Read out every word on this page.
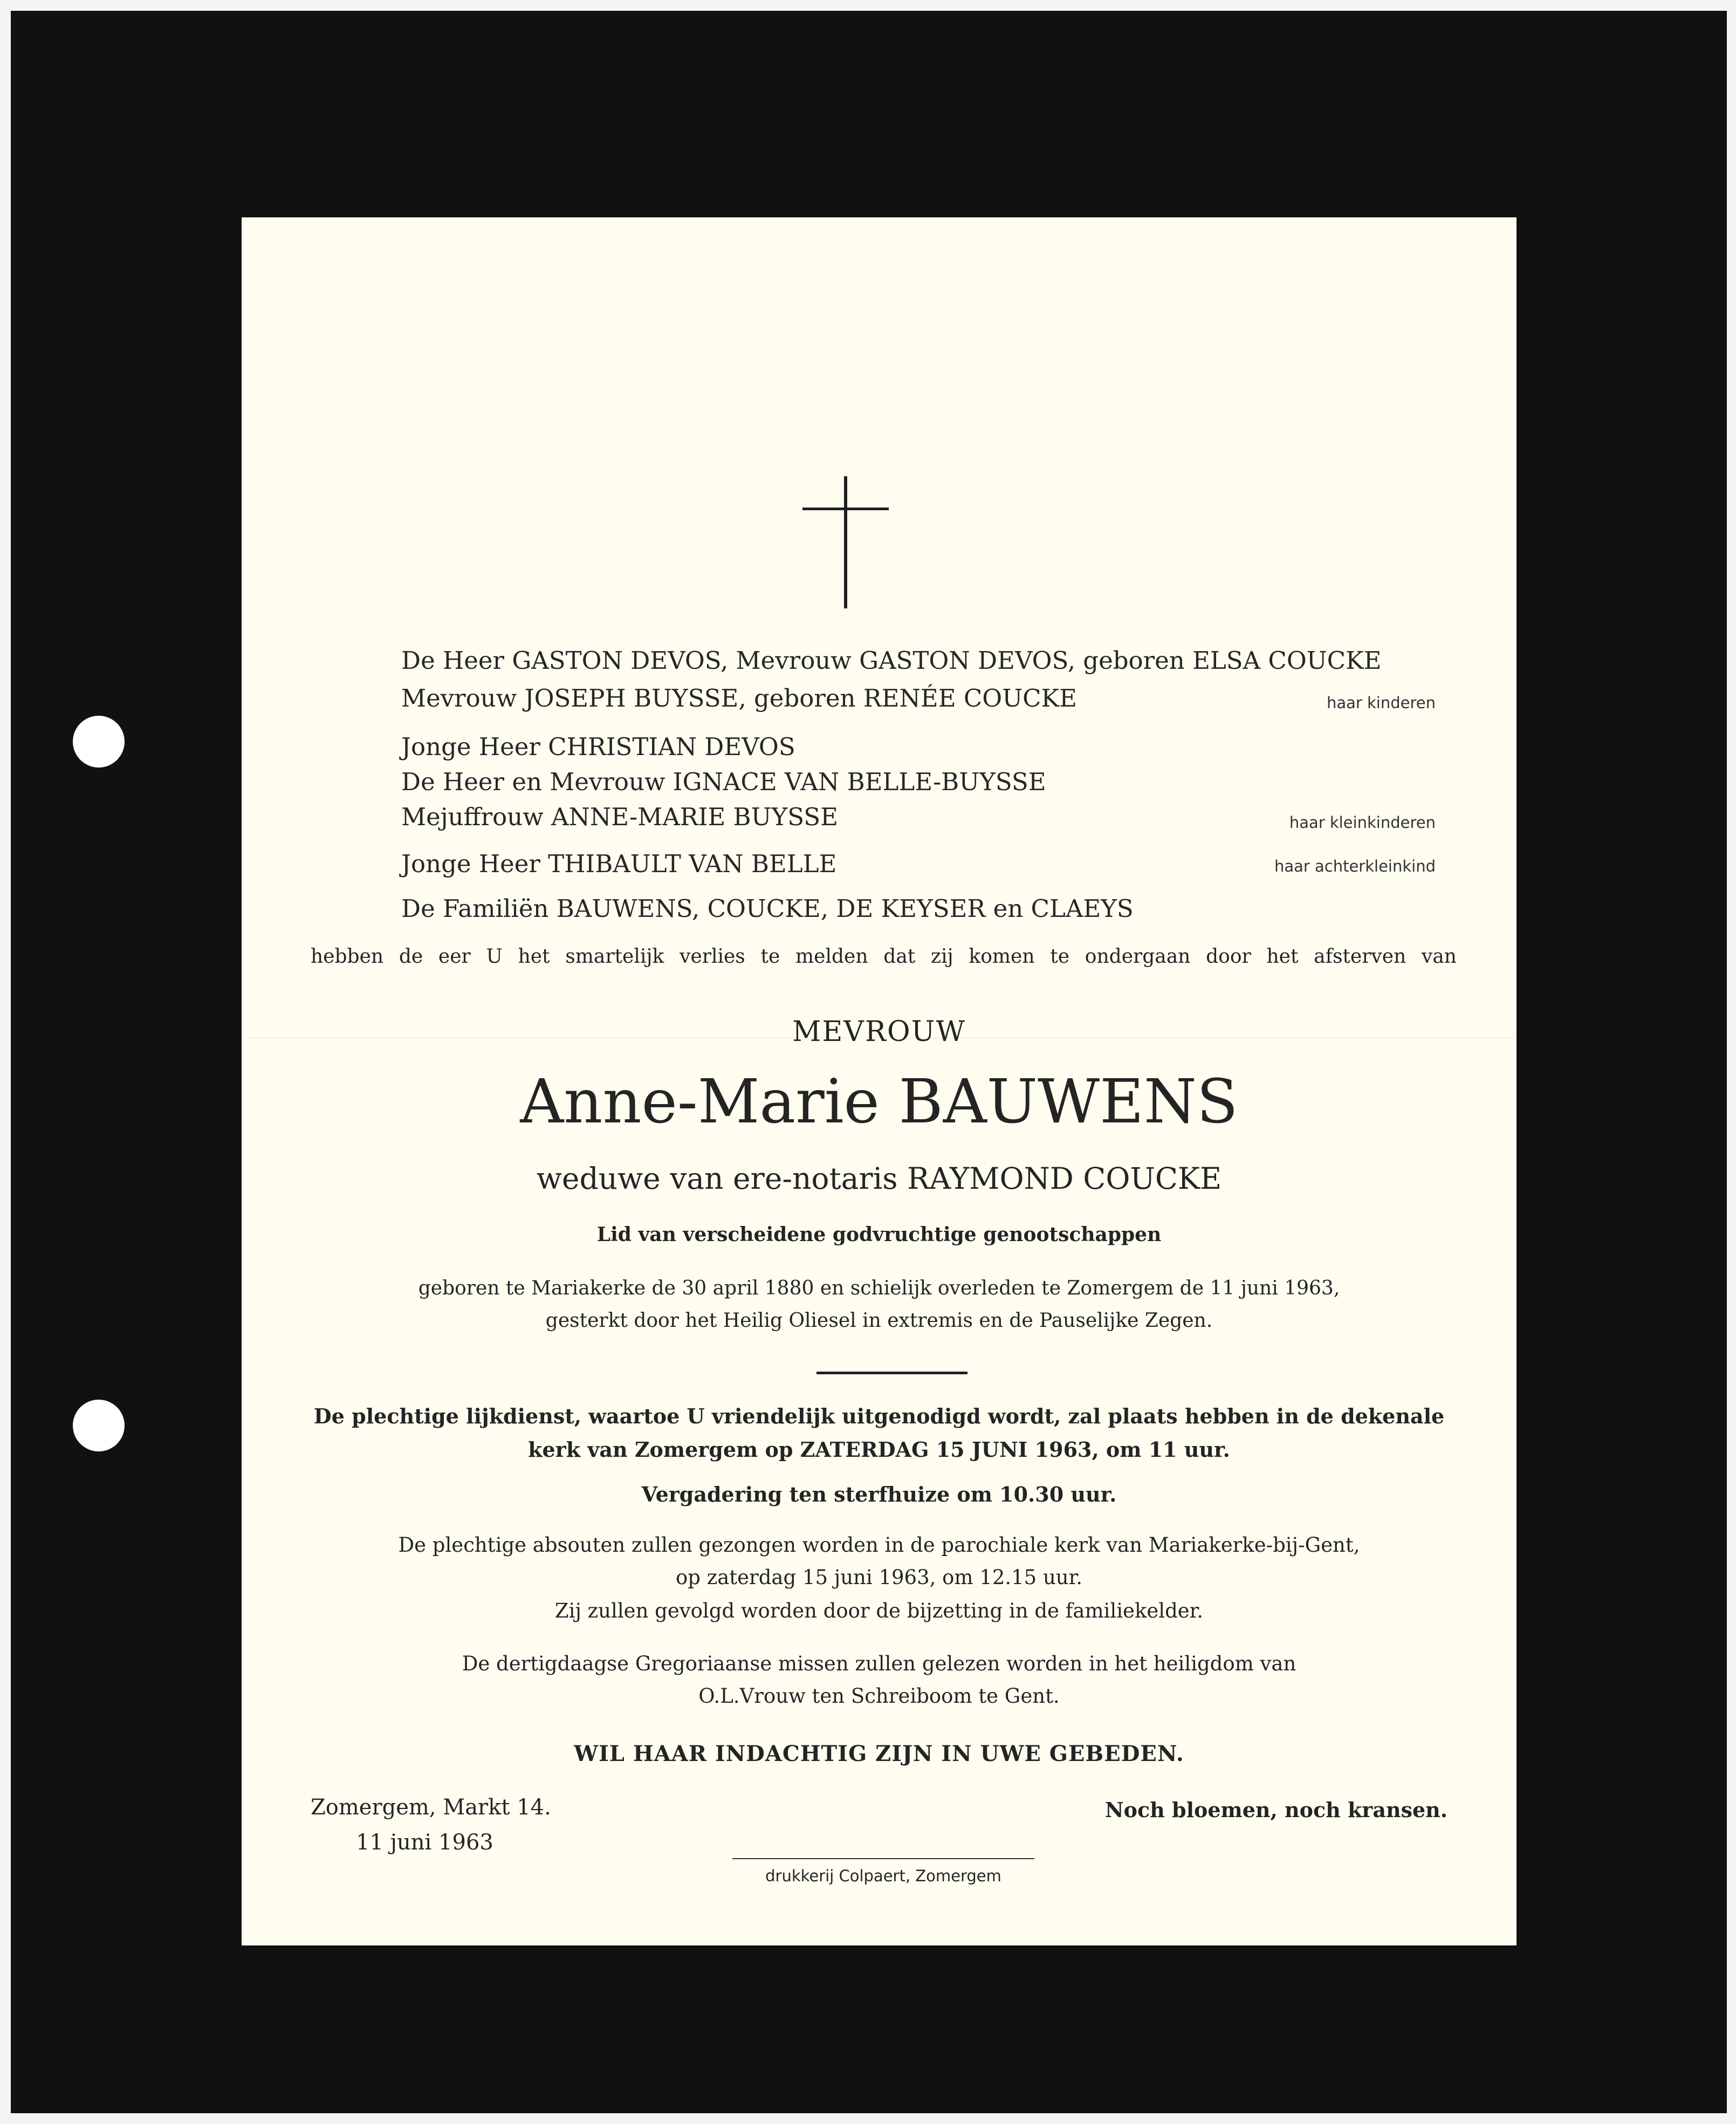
De Heer GASTON DEVOS, Mevrouw GASTON DEVOS, geboren ELSA COUCKE
Mevrouw JOSEPH BUYSSE, geboren RENÉE COUCKE	haar kinderen
Jonge Heer CHRISTIAN DEVOS
De Heer en Mevrouw IGNACE VAN BELLE-BUYSSE
Mejuffrouw ANNE-MARIE BUYSSE	haar kleinkinderen
Jonge Heer THIBAULT VAN BELLE	haar achterkleinkind
De Familiën BAUWENS, COUCKE, DE KEYSER en CLAEYS
hebben de eer U het smartelijk verlies te melden dat zij komen te ondergaan door het afsterven van
MEVROUW
Anne-Marie BAUWENS
weduwe van ere-notaris RAYMOND COUCKE
Lid van verscheidene godvruchtige genootschappen
geboren te Mariakerke de 30 april 1880 en schielijk overleden te Zomergem de 11 juni 1963,
gesterkt door het Heilig Oliesel in extremis en de Pauselijke Zegen.
De plechtige lijkdienst, waartoe U vriendelijk uitgenodigd wordt, zal plaats hebben in de dekenale
kerk van Zomergem op ZATERDAG 15 JUNI 1963, om 11 uur.
Vergadering ten sterfhuize om 10.30 uur.
De plechtige absouten zullen gezongen worden in de parochiale kerk van Mariakerke-bij-Gent,
op zaterdag 15 juni 1963, om 12.15 uur.
Zij zullen gevolgd worden door de bijzetting in de familiekelder.
De dertigdaagse Gregoriaanse missen zullen gelezen worden in het heiligdom van
O.L.Vrouw ten Schreiboom te Gent.
WIL HAAR INDACHTIG ZIJN IN UWE GEBEDEN.
Zomergem, Markt 14.
11 juni 1963
Noch bloemen, noch kransen.
drukkerij Colpaert, Zomergem
